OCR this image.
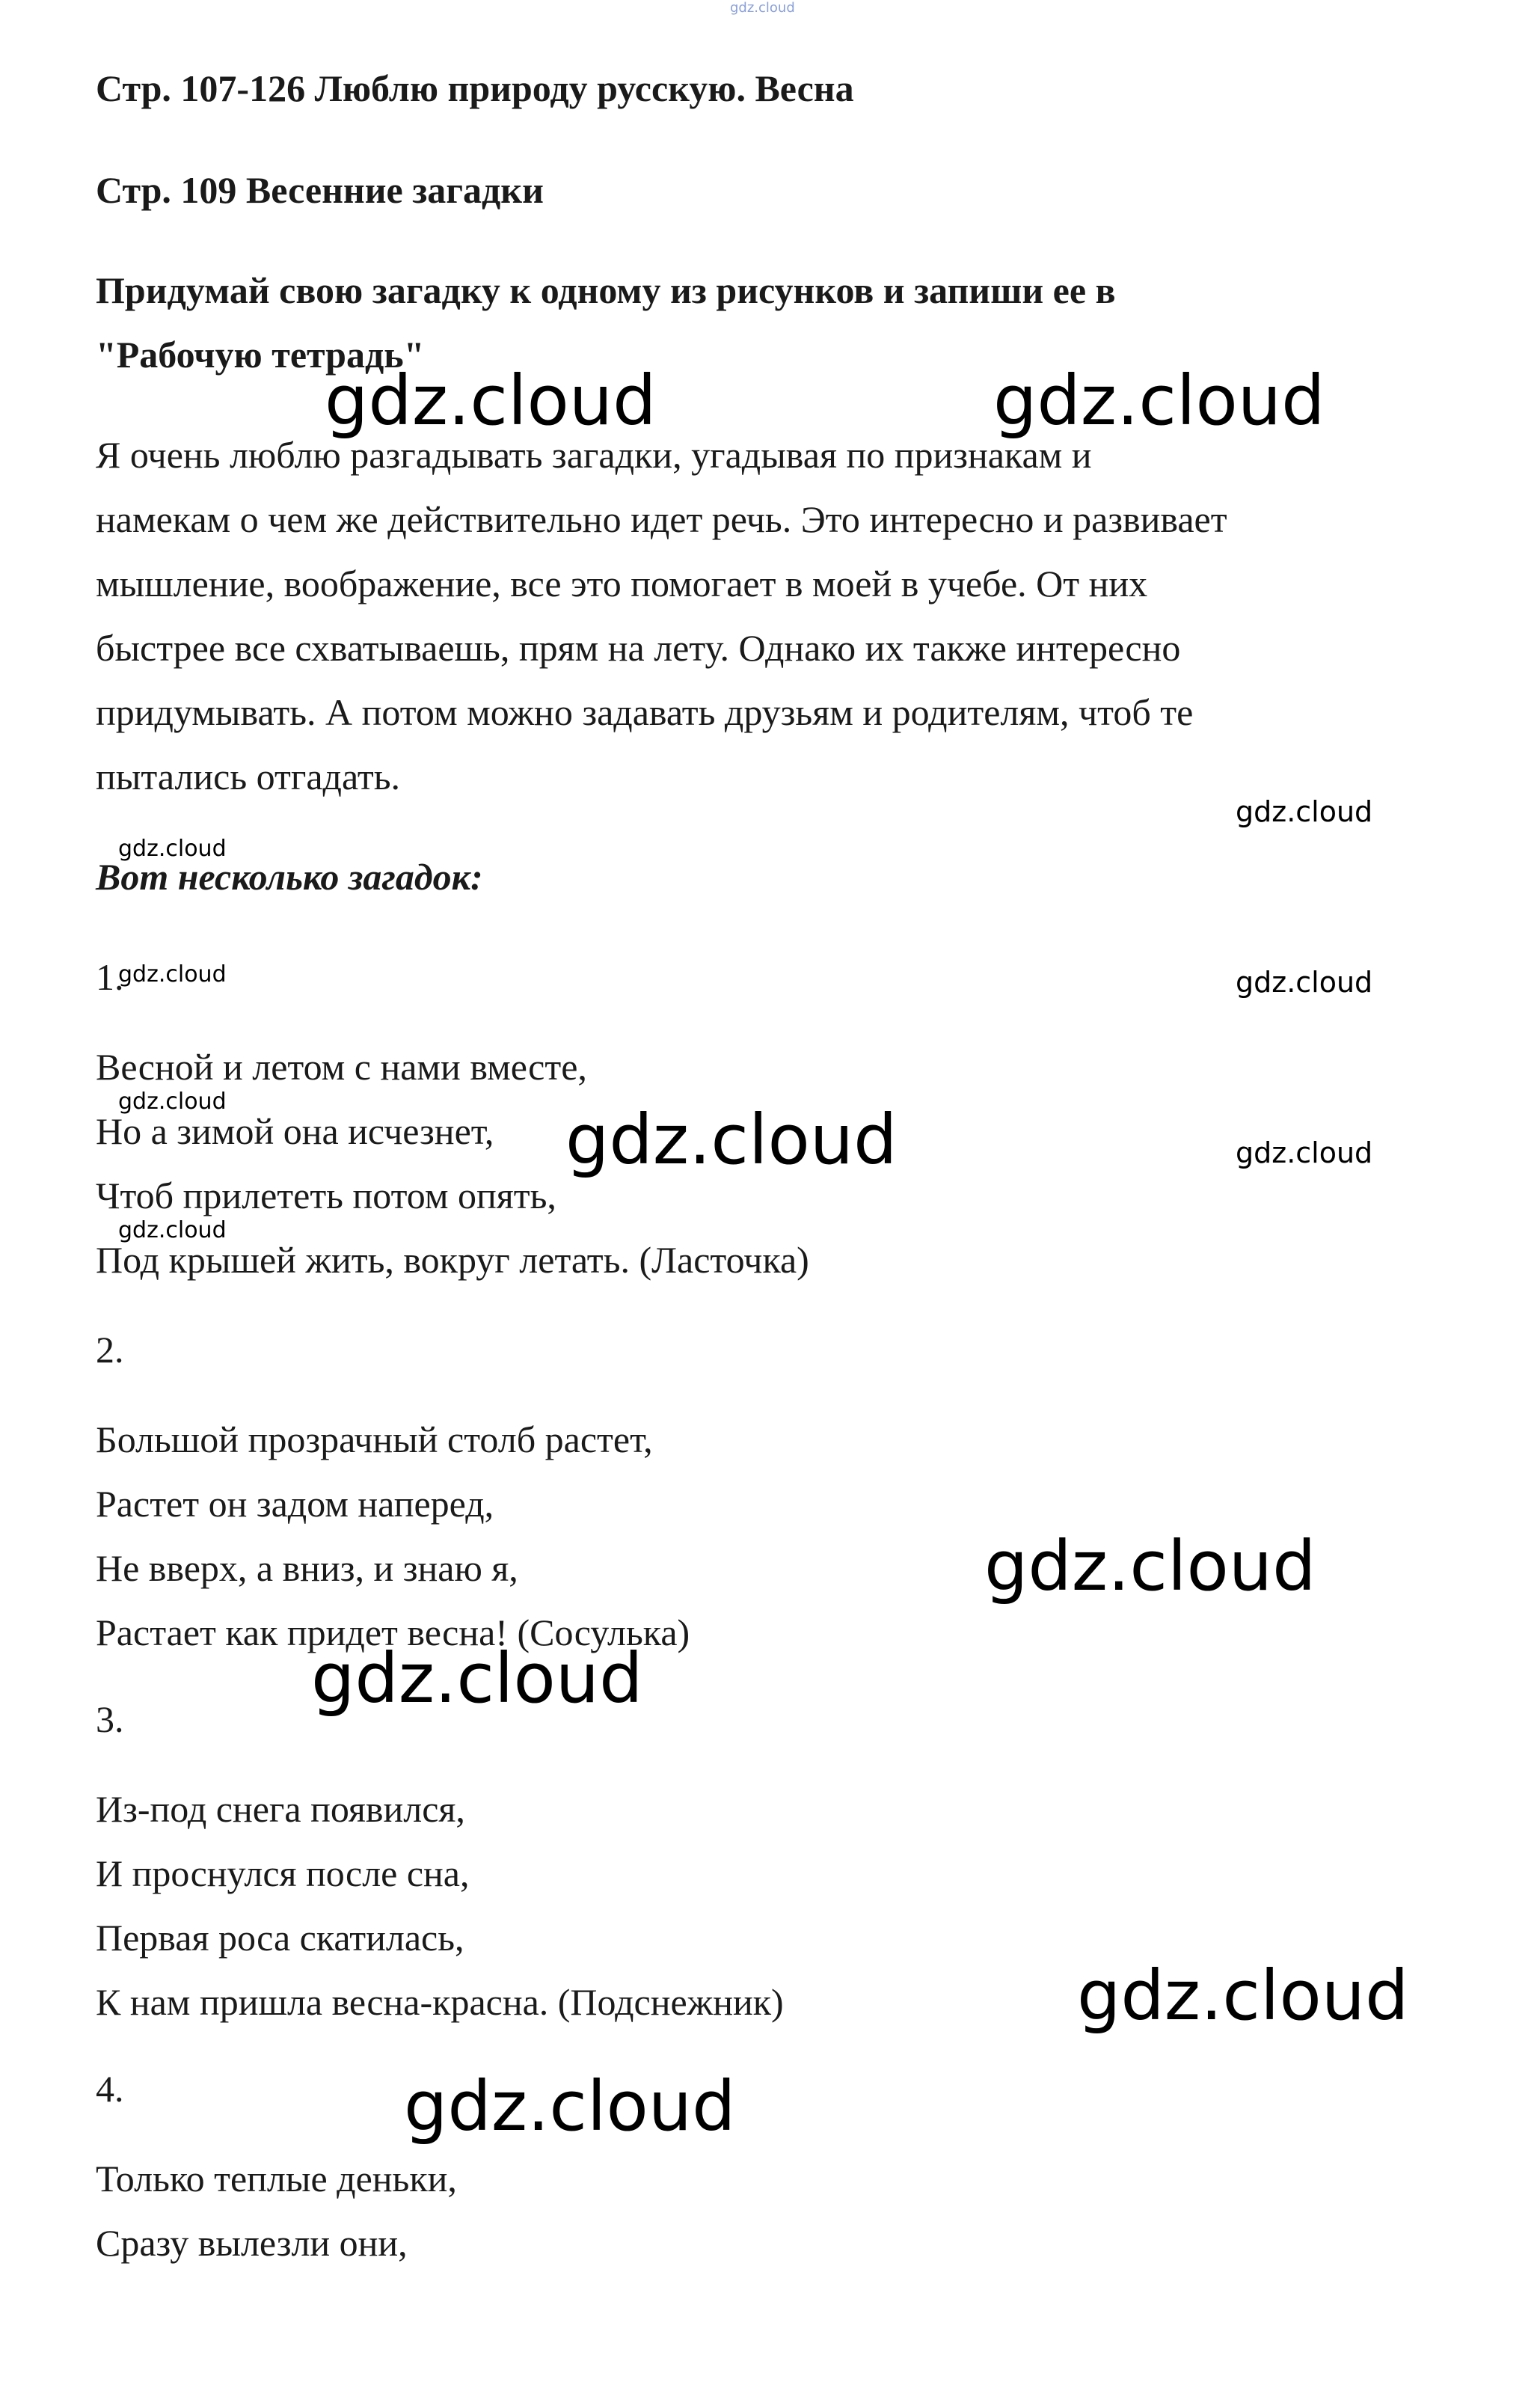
gdz.cloud
Стр. 107-126 Люблю природу русскую. Весна
Стр. 109 Весенние загадки
Придумай свою загадку к одному из рисунков и запиши ее в
"Рабочую тетрадь"
Я очень люблю разгадывать загадки, угадывая по признакам и
намекам о чем же действительно идет речь. Это интересно и развивает
мышление, воображение, все это помогает в моей в учебе. От них
быстрее все схватываешь, прям на лету. Однако их также интересно
придумывать. А потом можно задавать друзьям и родителям, чтоб те
пытались отгадать.
Вот несколько загадок:
1.
Весной и летом с нами вместе,
Но а зимой она исчезнет,
Чтоб прилететь потом опять,
Под крышей жить, вокруг летать. (Ласточка)
2.
Большой прозрачный столб растет,
Растет он задом наперед,
Не вверх, а вниз, и знаю я,
Растает как придет весна! (Сосулька)
3.
Из-под снега появился,
И проснулся после сна,
Первая роса скатилась,
К нам пришла весна-красна. (Подснежник)
4.
Только теплые деньки,
Сразу вылезли они,
gdz.cloud	gdz.cloud
gdz.cloud
gdz.cloud
gdz.cloud	gdz.cloud
gdz.cloud	gdz.cloud	gdz.cloud
gdz.cloud
gdz.cloud
gdz.cloud
gdz.cloud
gdz.cloud
